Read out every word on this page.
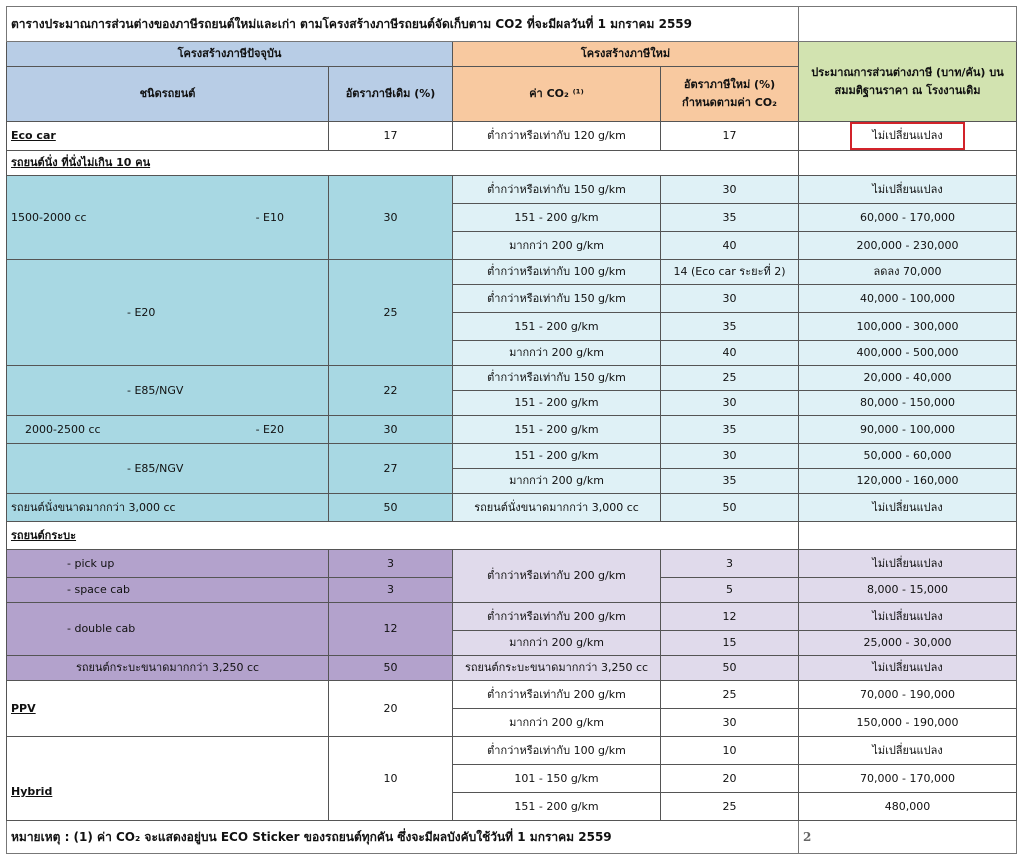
ตารางประมาณการส่วนต่างของภาษีรถยนต์ใหม่และเก่า ตามโครงสร้างภาษีรถยนต์จัดเก็บตาม CO2 ที่จะมีผลวันที่ 1 มกราคม 2559				
โครงสร้างภาษีปัจจุบัน		โครงสร้างภาษีใหม่		ประมาณการส่วนต่างภาษี (บาท/คัน) บนสมมติฐานราคา ณ โรงงานเดิม
ชนิดรถยนต์	อัตราภาษีเดิม (%)	ค่า CO₂ ⁽¹⁾	อัตราภาษีใหม่ (%)
กำหนดตามค่า CO₂	

Eco car	17	ต่ำกว่าหรือเท่ากับ 120 g/km	17	ไม่เปลี่ยนแปลง
รถยนต์นั่ง ที่นั่งไม่เกิน 10 คน				

1500-2000 cc - E10	30	ต่ำกว่าหรือเท่ากับ 150 g/km	30	ไม่เปลี่ยนแปลง
		151 - 200 g/km	35	60,000 - 170,000
		มากกว่า 200 g/km	40	200,000 - 230,000
- E20	25	ต่ำกว่าหรือเท่ากับ 100 g/km	14 (Eco car ระยะที่ 2)	ลดลง 70,000
		ต่ำกว่าหรือเท่ากับ 150 g/km	30	40,000 - 100,000
		151 - 200 g/km	35	100,000 - 300,000
		มากกว่า 200 g/km	40	400,000 - 500,000
- E85/NGV	22	ต่ำกว่าหรือเท่ากับ 150 g/km	25	20,000 - 40,000
		151 - 200 g/km	30	80,000 - 150,000

2000-2500 cc - E20	30	151 - 200 g/km	35	90,000 - 100,000
- E85/NGV	27	151 - 200 g/km	30	50,000 - 60,000
		มากกว่า 200 g/km	35	120,000 - 160,000
รถยนต์นั่งขนาดมากกว่า 3,000 cc	50	รถยนต์นั่งขนาดมากกว่า 3,000 cc	50	ไม่เปลี่ยนแปลง
รถยนต์กระบะ				
- pick up	3	ต่ำกว่าหรือเท่ากับ 200 g/km	3	ไม่เปลี่ยนแปลง
- space cab	3		5	8,000 - 15,000
- double cab	12	ต่ำกว่าหรือเท่ากับ 200 g/km	12	ไม่เปลี่ยนแปลง
		มากกว่า 200 g/km	15	25,000 - 30,000
รถยนต์กระบะขนาดมากกว่า 3,250 cc	50	รถยนต์กระบะขนาดมากกว่า 3,250 cc	50	ไม่เปลี่ยนแปลง
PPV	20	ต่ำกว่าหรือเท่ากับ 200 g/km	25	70,000 - 190,000
		มากกว่า 200 g/km	30	150,000 - 190,000
Hybrid	10	ต่ำกว่าหรือเท่ากับ 100 g/km	10	ไม่เปลี่ยนแปลง
		101 - 150 g/km	20	70,000 - 170,000
		151 - 200 g/km	25	480,000
หมายเหตุ : (1) ค่า CO₂ จะแสดงอยู่บน ECO Sticker ของรถยนต์ทุกคัน ซึ่งจะมีผลบังคับใช้วันที่ 1 มกราคม 2559				2
